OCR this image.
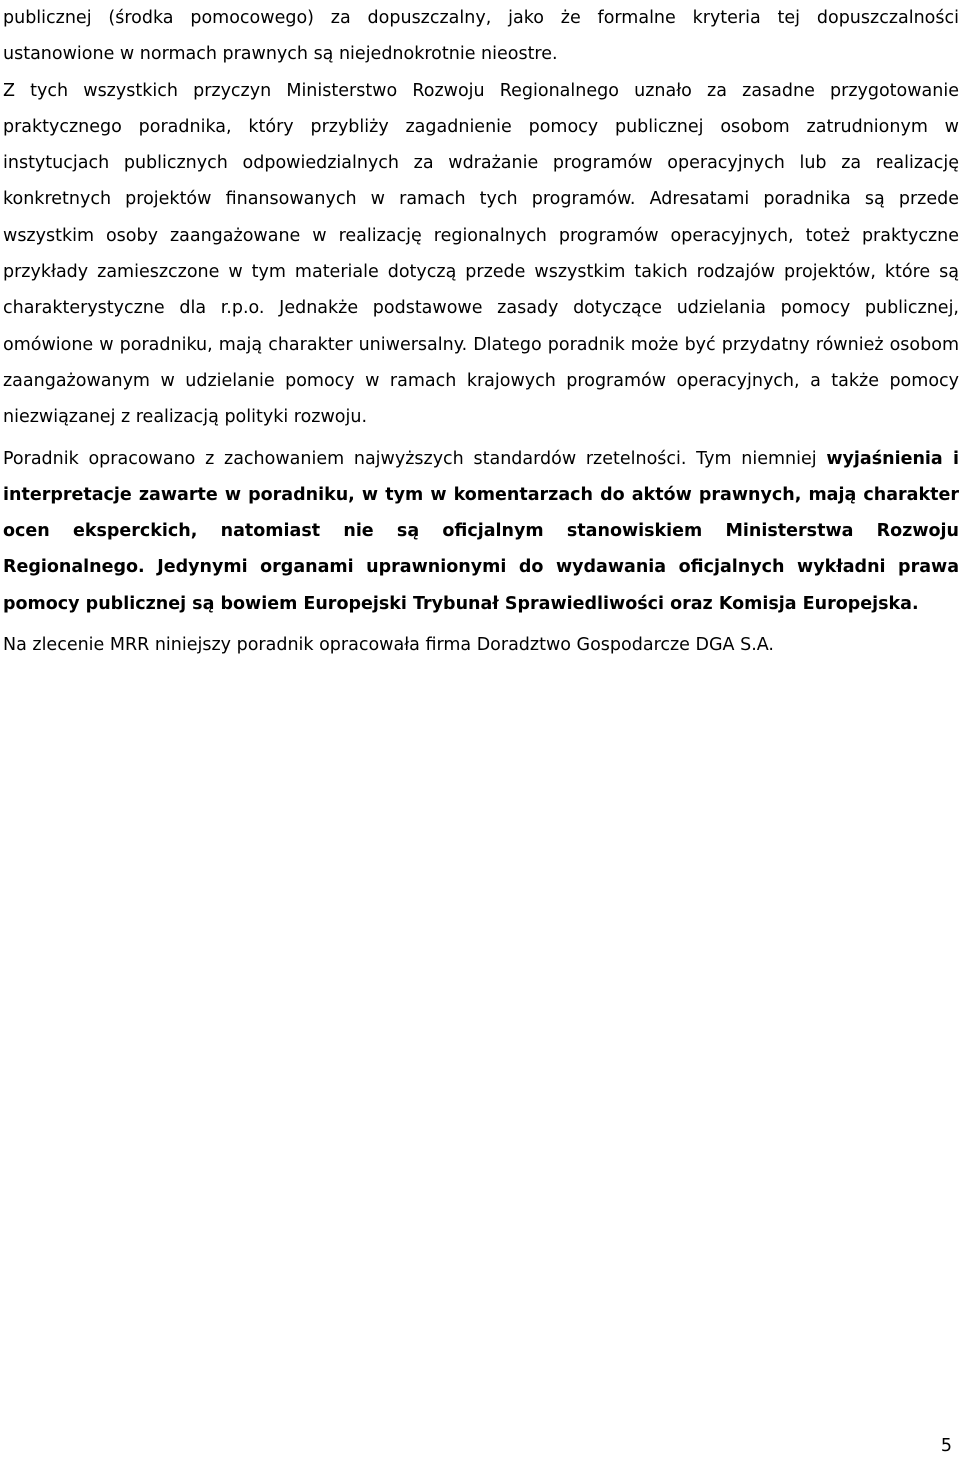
publicznej (środka pomocowego) za dopuszczalny, jako że formalne kryteria tej dopuszczalności ustanowione w normach prawnych są niejednokrotnie nieostre.

Z tych wszystkich przyczyn Ministerstwo Rozwoju Regionalnego uznało za zasadne przygotowanie praktycznego poradnika, który przybliży zagadnienie pomocy publicznej osobom zatrudnionym w instytucjach publicznych odpowiedzialnych za wdrażanie programów operacyjnych lub za realizację konkretnych projektów finansowanych w ramach tych programów. Adresatami poradnika są przede wszystkim osoby zaangażowane w realizację regionalnych programów operacyjnych, toteż praktyczne przykłady zamieszczone w tym materiale dotyczą przede wszystkim takich rodzajów projektów, które są charakterystyczne dla r.p.o. Jednakże podstawowe zasady dotyczące udzielania pomocy publicznej, omówione w poradniku, mają charakter uniwersalny. Dlatego poradnik może być przydatny również osobom zaangażowanym w udzielanie pomocy w ramach krajowych programów operacyjnych, a także pomocy niezwiązanej z realizacją polityki rozwoju.

Poradnik opracowano z zachowaniem najwyższych standardów rzetelności. Tym niemniej wyjaśnienia i interpretacje zawarte w poradniku, w tym w komentarzach do aktów prawnych, mają charakter ocen eksperckich, natomiast nie są oficjalnym stanowiskiem Ministerstwa Rozwoju Regionalnego. Jedynymi organami uprawnionymi do wydawania oficjalnych wykładni prawa pomocy publicznej są bowiem Europejski Trybunał Sprawiedliwości oraz Komisja Europejska.

Na zlecenie MRR niniejszy poradnik opracowała firma Doradztwo Gospodarcze DGA S.A.

5
